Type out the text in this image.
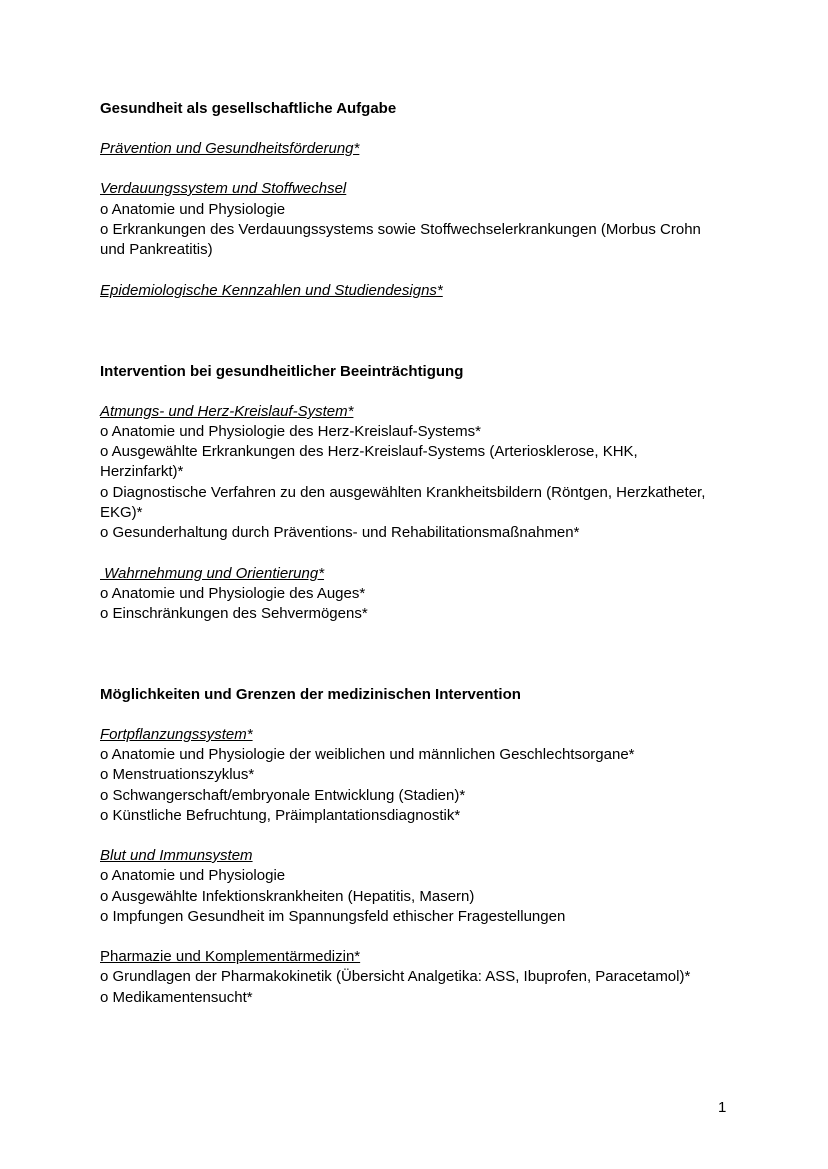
Gesundheit als gesellschaftliche Aufgabe
Prävention und Gesundheitsförderung*
Verdauungssystem und Stoffwechsel
o Anatomie und Physiologie
o Erkrankungen des Verdauungssystems sowie Stoffwechselerkrankungen (Morbus Crohn
und Pankreatitis)
Epidemiologische Kennzahlen und Studiendesigns*
Intervention bei gesundheitlicher Beeinträchtigung
Atmungs- und Herz-Kreislauf-System*
o Anatomie und Physiologie des Herz-Kreislauf-Systems*
o Ausgewählte Erkrankungen des Herz-Kreislauf-Systems (Arteriosklerose, KHK,
Herzinfarkt)*
o Diagnostische Verfahren zu den ausgewählten Krankheitsbildern (Röntgen, Herzkatheter,
EKG)*
o Gesunderhaltung durch Präventions- und Rehabilitationsmaßnahmen*
Wahrnehmung und Orientierung*
o Anatomie und Physiologie des Auges*
o Einschränkungen des Sehvermögens*
Möglichkeiten und Grenzen der medizinischen Intervention
Fortpflanzungssystem*
o Anatomie und Physiologie der weiblichen und männlichen Geschlechtsorgane*
o Menstruationszyklus*
o Schwangerschaft/embryonale Entwicklung (Stadien)*
o Künstliche Befruchtung, Präimplantationsdiagnostik*
Blut und Immunsystem
o Anatomie und Physiologie
o Ausgewählte Infektionskrankheiten (Hepatitis, Masern)
o Impfungen Gesundheit im Spannungsfeld ethischer Fragestellungen
Pharmazie und Komplementärmedizin*
o Grundlagen der Pharmakokinetik (Übersicht Analgetika: ASS, Ibuprofen, Paracetamol)*
o Medikamentensucht*
1
